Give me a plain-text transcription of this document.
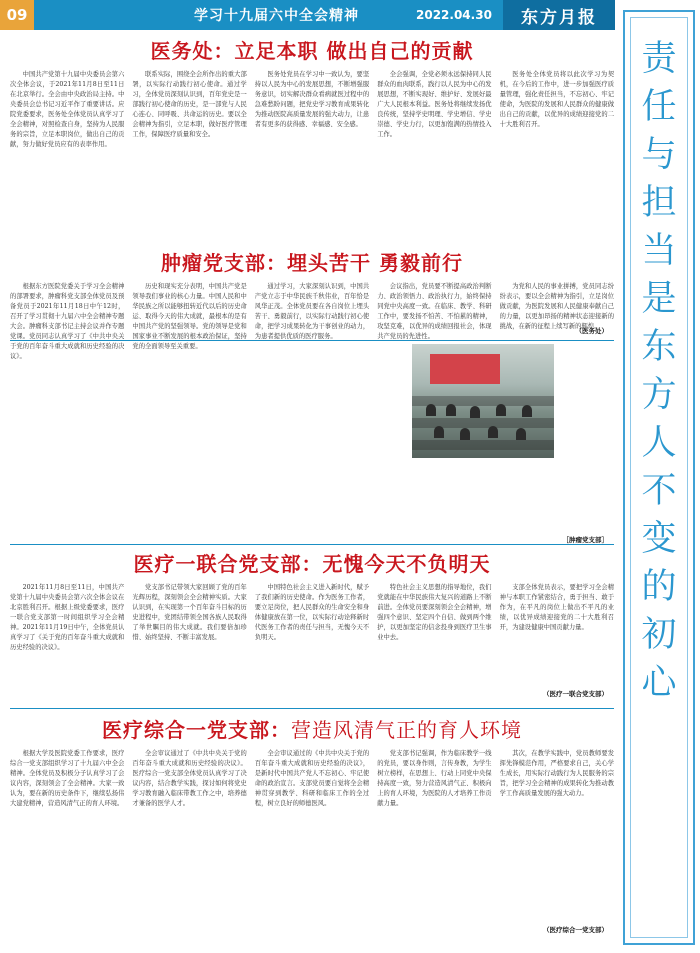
09	学习十九届六中全会精神	2022.04.30	东方月报
责
任
与
担
当
是
东
方
人
不
变
的
初
心
医务处： 立足本职 做出自己的贡献
中国共产党第十九届中央委员会第六次全体会议，于2021年11月8日至11日在北京举行。全会由中央政治局主持。中央委员会总书记习近平作了重要讲话。应院党委要求，医务处全体党员认真学习了全会精神，对照检查自身，坚持为人民服务的宗旨，立足本职岗位，做出自己的贡献，努力做好党员应有的表率作用。
联系实际，围绕全会所作出的重大部署，以实际行动践行初心使命。通过学习，全体党员深刻认识到，百年党史是一部践行初心使命的历史，是一部党与人民心连心、同呼吸、共命运的历史。要以全会精神为指引，立足本职，做好医疗管理工作，保障医疗质量和安全。
医务处党员在学习中一致认为，要坚持以人民为中心的发展思想，不断增强服务意识，切实解决群众看病就医过程中的急难愁盼问题，把党史学习教育成果转化为推动医院高质量发展的强大动力，让患者有更多的获得感、幸福感、安全感。
全会强调，全党必须永远保持同人民群众的血肉联系，践行以人民为中心的发展思想，不断实现好、维护好、发展好最广大人民根本利益。医务处将继续发扬优良传统，坚持学史明理、学史增信、学史崇德、学史力行，以更加饱满的热情投入工作。
医务处全体党员将以此次学习为契机，在今后的工作中，进一步加强医疗质量管理，强化责任担当，不忘初心、牢记使命，为医院的发展和人民群众的健康做出自己的贡献，以优异的成绩迎接党的二十大胜利召开。
（医务处）
肿瘤党支部： 埋头苦干 勇毅前行
根据东方医院党委关于学习全会精神的部署要求，肿瘤科党支部全体党员及预备党员于2021年11月18日中午12时，召开了学习贯彻十九届六中全会精神专题大会。肿瘤科支部书记主持会议并作专题党课。党员同志认真学习了《中共中央关于党的百年奋斗重大成就和历史经验的决议》。
历史和现实充分表明，中国共产党是领导我们事业的核心力量。中国人民和中华民族之所以能够扭转近代以后的历史命运、取得今天的伟大成就，最根本的是有中国共产党的坚强领导。党的领导是党和国家事业不断发展的根本政治保证，坚持党的全面领导至关重要。
通过学习，大家深刻认识到，中国共产党立志于中华民族千秋伟业，百年恰是风华正茂。全体党员要在各自岗位上埋头苦干、勇毅前行，以实际行动践行初心使命，把学习成果转化为干事创业的动力，为患者提供优质的医疗服务。
会议指出，党员要不断提高政治判断力、政治领悟力、政治执行力，始终保持同党中央高度一致。在临床、教学、科研工作中，要发扬不怕苦、不怕累的精神，攻坚克难，以优异的成绩回报社会，体现共产党员的先进性。
为党和人民的事业拼搏，党员同志纷纷表示，要以全会精神为指引，立足岗位做贡献，为医院发展和人民健康奉献自己的力量，以更加昂扬的精神状态迎接新的挑战，在新的征程上续写新的辉煌。
［肿瘤党支部］
医疗一联合党支部： 无愧今天不负明天
2021年11月8日至11日，中国共产党第十九届中央委员会第六次全体会议在北京胜利召开。根据上级党委要求，医疗一联合党支部第一时间组织学习全会精神。2021年11月19日中午，全体党员认真学习了《关于党的百年奋斗重大成就和历史经验的决议》。
党支部书记带领大家回顾了党的百年光辉历程，深刻领会全会精神实质。大家认识到，在实现第一个百年奋斗目标的历史进程中，党团结带领全国各族人民取得了举世瞩目的伟大成就。我们要倍加珍惜、始终坚持、不断丰富发展。
中国特色社会主义进入新时代，赋予了我们新的历史使命。作为医务工作者，要立足岗位，把人民群众的生命安全和身体健康放在第一位，以实际行动诠释新时代医务工作者的责任与担当，无愧今天不负明天。
特色社会主义思想的指导地位，我们党就能在中华民族伟大复兴的道路上不断前进。全体党员要深刻领会全会精神，增强四个意识、坚定四个自信、做到两个维护，以更加坚定的信念投身到医疗卫生事业中去。
支部全体党员表示，要把学习全会精神与本职工作紧密结合，勇于担当、敢于作为，在平凡的岗位上做出不平凡的业绩，以优异成绩迎接党的二十大胜利召开，为建设健康中国贡献力量。
（医疗一联合党支部）
医疗综合一党支部： 营造风清气正的育人环境
根据大学及医院党委工作要求，医疗综合一党支部组织学习了十九届六中全会精神。全体党员及积极分子认真学习了会议内容，深刻领会了全会精神。大家一致认为，要在新的历史条件下，继续弘扬伟大建党精神，营造风清气正的育人环境。
全会审议通过了《中共中央关于党的百年奋斗重大成就和历史经验的决议》。医疗综合一党支部全体党员认真学习了决议内容，结合教学实践，探讨如何将党史学习教育融入临床带教工作之中，培养德才兼备的医学人才。
全会审议通过的《中共中央关于党的百年奋斗重大成就和历史经验的决议》，是新时代中国共产党人不忘初心、牢记使命的政治宣言。支部党员要自觉将全会精神贯穿到教学、科研和临床工作的全过程，树立良好的师德医风。
党支部书记强调，作为临床教学一线的党员，要以身作则，言传身教，为学生树立榜样，在思想上、行动上同党中央保持高度一致，努力营造风清气正、积极向上的育人环境，为医院的人才培养工作贡献力量。
其次，在教学实践中，党员教师要发挥先锋模范作用，严格要求自己，关心学生成长，用实际行动践行为人民服务的宗旨，把学习全会精神的成果转化为推动教学工作高质量发展的强大动力。
（医疗综合一党支部）
